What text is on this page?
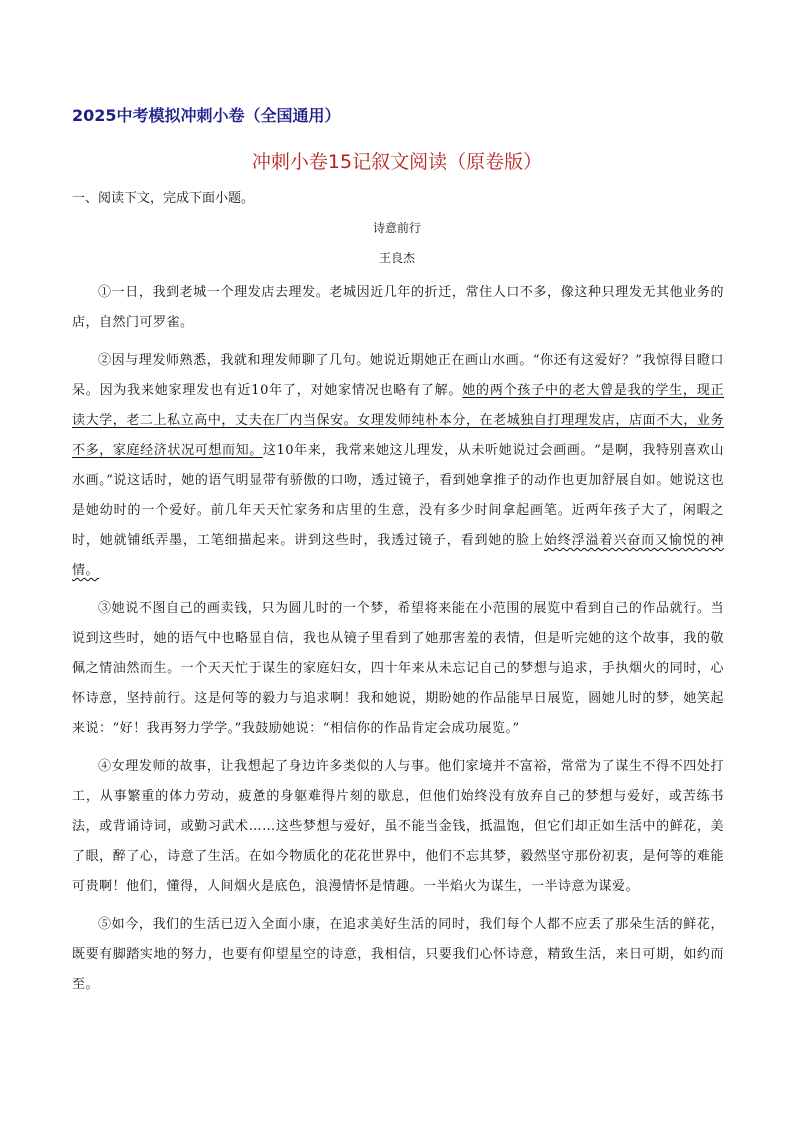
2025中考模拟冲刺小卷（全国通用）
冲刺小卷15记叙文阅读（原卷版）
一、阅读下文，完成下面小题。
诗意前行
王良杰

①一日，我到老城一个理发店去理发。老城因近几年的折迁，常住人口不多，像这种只理发无其他业务的店，自然门可罗雀。

②因与理发师熟悉，我就和理发师聊了几句。她说近期她正在画山水画。“你还有这爱好？”我惊得目瞪口呆。因为我来她家理发也有近10年了，对她家情况也略有了解。她的两个孩子中的老大曾是我的学生，现正读大学，老二上私立高中，丈夫在厂内当保安。女理发师纯朴本分，在老城独自打理理发店，店面不大，业务不多，家庭经济状况可想而知。这10年来，我常来她这儿理发，从未听她说过会画画。“是啊，我特别喜欢山水画。”说这话时，她的语气明显带有骄傲的口吻，透过镜子，看到她拿推子的动作也更加舒展自如。她说这也是她幼时的一个爱好。前几年天天忙家务和店里的生意，没有多少时间拿起画笔。近两年孩子大了，闲暇之时，她就铺纸弄墨，工笔细描起来。讲到这些时，我透过镜子，看到她的脸上始终浮溢着兴奋而又愉悦的神情。

③她说不图自己的画卖钱，只为圆儿时的一个梦，希望将来能在小范围的展览中看到自己的作品就行。当说到这些时，她的语气中也略显自信，我也从镜子里看到了她那害羞的表情，但是听完她的这个故事，我的敬佩之情油然而生。一个天天忙于谋生的家庭妇女，四十年来从未忘记自己的梦想与追求，手执烟火的同时，心怀诗意，坚持前行。这是何等的毅力与追求啊！我和她说，期盼她的作品能早日展览，圆她儿时的梦，她笑起来说：“好！我再努力学学。”我鼓励她说：“相信你的作品肯定会成功展览。”

④女理发师的故事，让我想起了身边许多类似的人与事。他们家境并不富裕，常常为了谋生不得不四处打工，从事繁重的体力劳动，疲惫的身躯难得片刻的歇息，但他们始终没有放弃自己的梦想与爱好，或苦练书法，或背诵诗词，或勤习武术……这些梦想与爱好，虽不能当金钱，抵温饱，但它们却正如生活中的鲜花，美了眼，醉了心，诗意了生活。在如今物质化的花花世界中，他们不忘其梦，毅然坚守那份初衷，是何等的难能可贵啊！他们，懂得，人间烟火是底色，浪漫情怀是情趣。一半焰火为谋生，一半诗意为谋爱。

⑤如今，我们的生活已迈入全面小康，在追求美好生活的同时，我们每个人都不应丢了那朵生活的鲜花，既要有脚踏实地的努力，也要有仰望星空的诗意，我相信，只要我们心怀诗意，精致生活，来日可期，如约而至。
